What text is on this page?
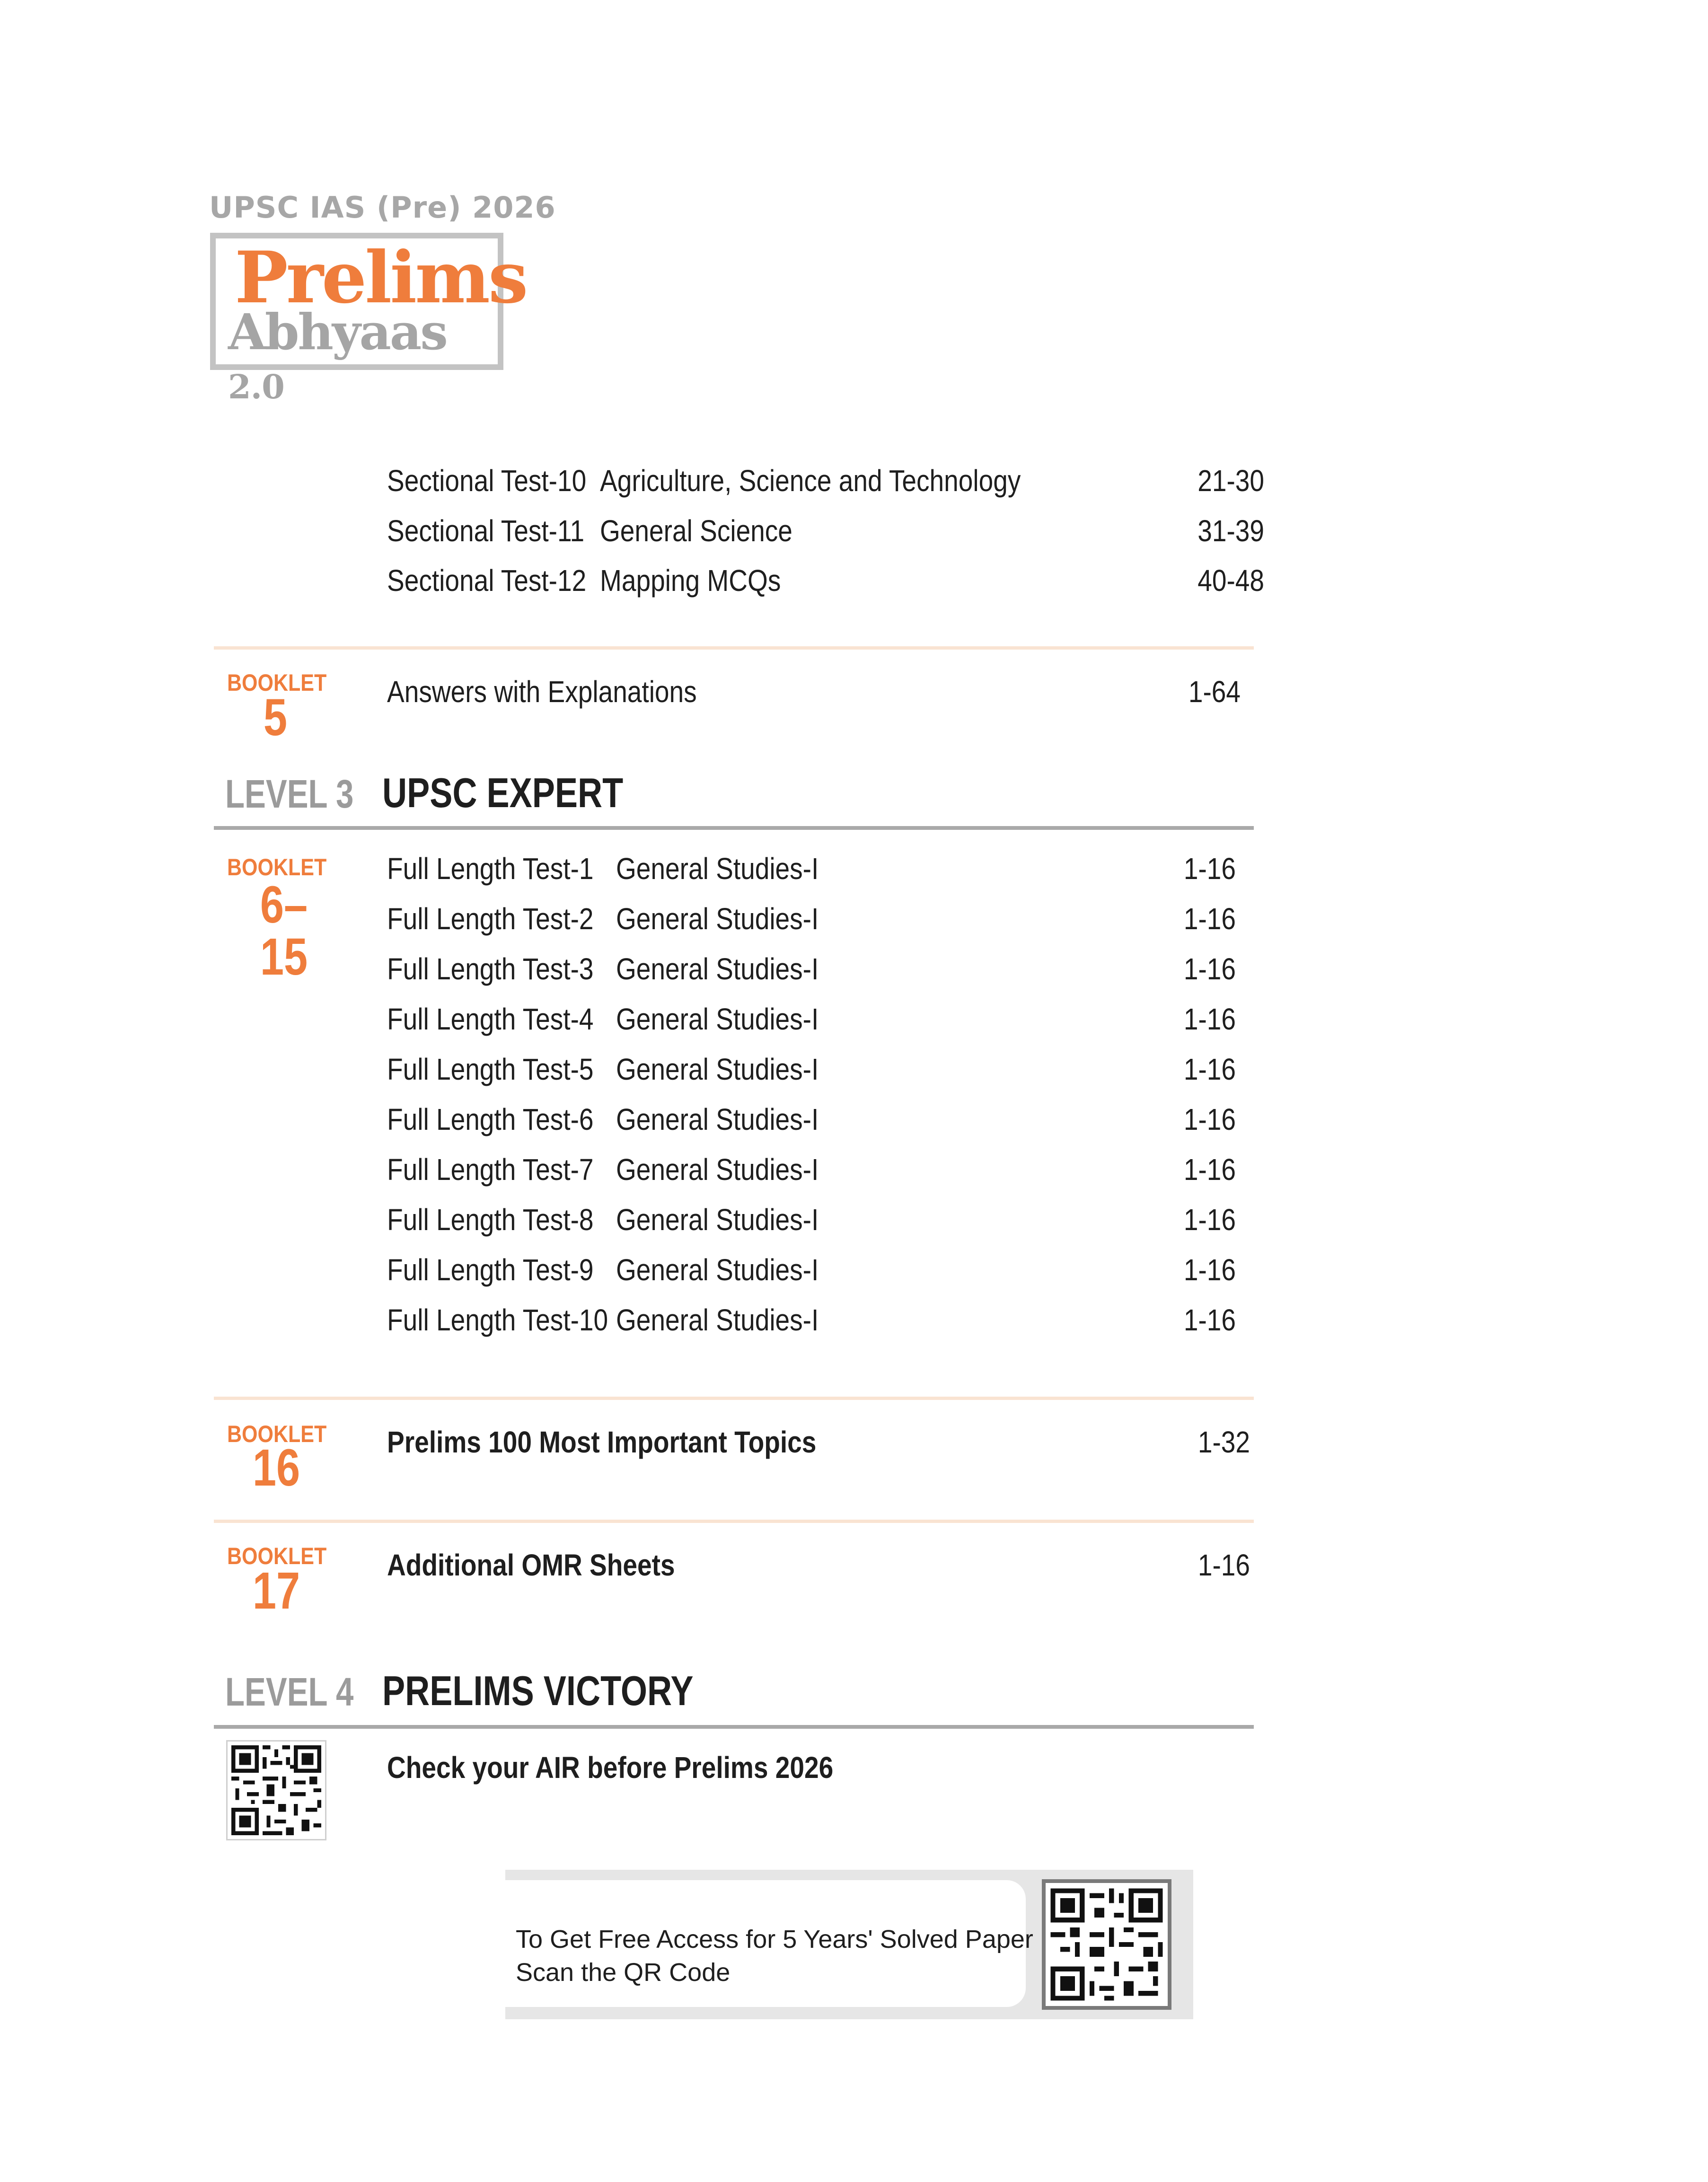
UPSC IAS (Pre) 2026
Prelims
Abhyaas 2.0
Sectional Test-10 Agriculture, Science and Technology	21-30
Sectional Test-11 General Science	31-39
Sectional Test-12 Mapping MCQs	40-48
BOOKLET
5	Answers with Explanations	1-64
LEVEL 3 UPSC EXPERT
BOOKLET
6–15
Full Length Test-1 General Studies-I	1-16
Full Length Test-2 General Studies-I	1-16
Full Length Test-3 General Studies-I	1-16
Full Length Test-4 General Studies-I	1-16
Full Length Test-5 General Studies-I	1-16
Full Length Test-6 General Studies-I	1-16
Full Length Test-7 General Studies-I	1-16
Full Length Test-8 General Studies-I	1-16
Full Length Test-9 General Studies-I	1-16
Full Length Test-10 General Studies-I	1-16
BOOKLET
16	Prelims 100 Most Important Topics	1-32
BOOKLET
17	Additional OMR Sheets	1-16
LEVEL 4 PRELIMS VICTORY
Check your AIR before Prelims 2026
To Get Free Access for 5 Years' Solved Paper
Scan the QR Code
